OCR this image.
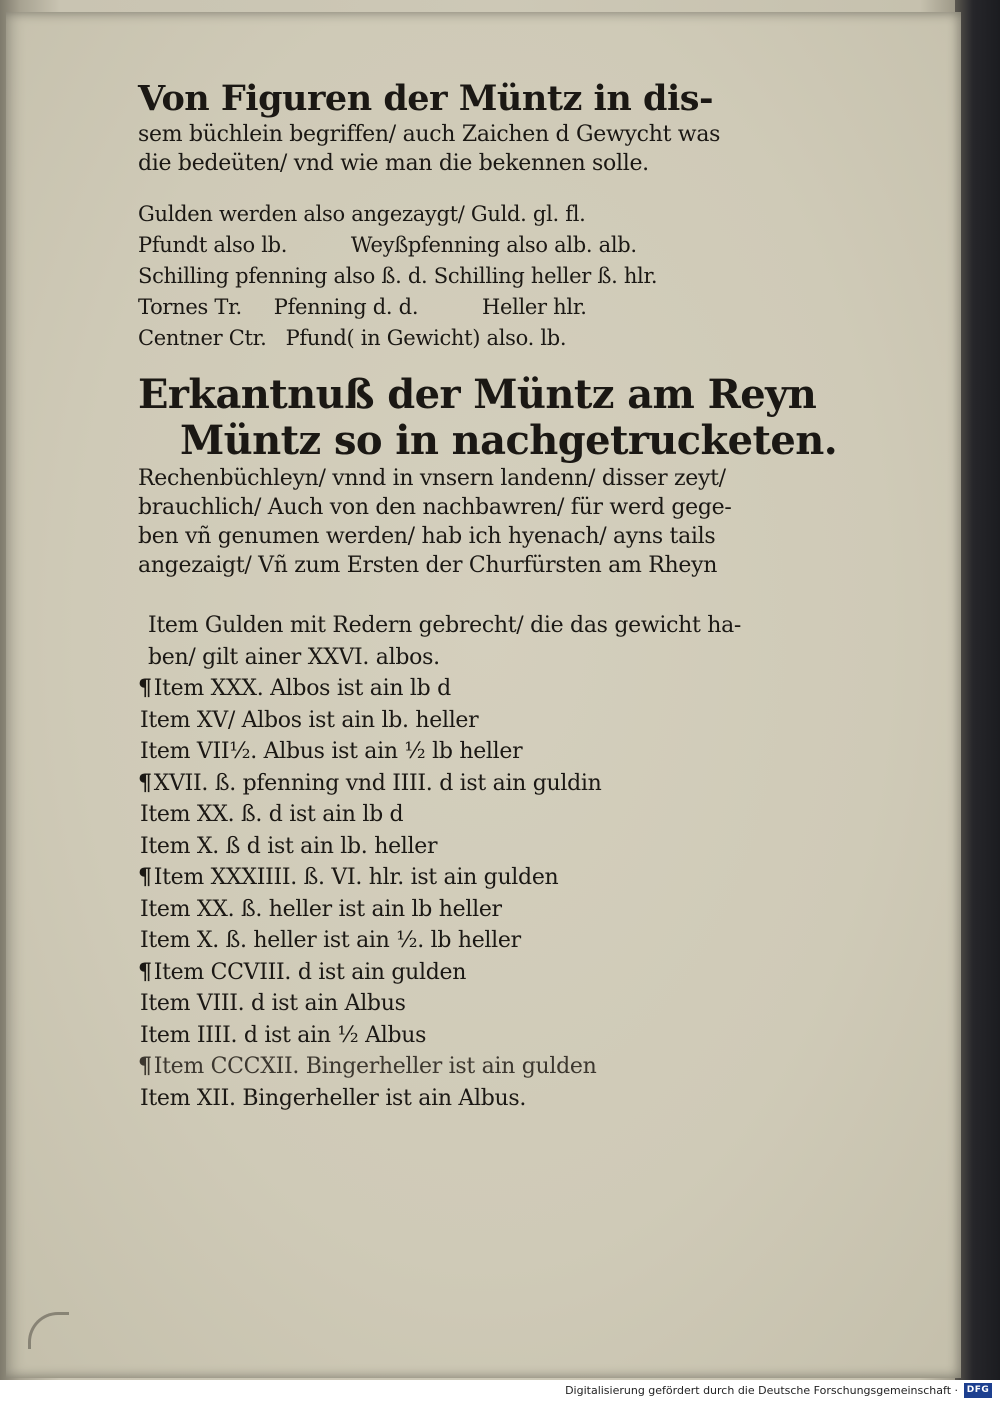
Von Figuren der Müntz in dis-
sem büchlein begriffen/ auch Zaichen d Gewycht was
die bedeüten/ vnd wie man die bekennen solle.
Gulden werden also angezaygt/ Guld. gl. fl.
Pfundt also lb.          Weyßpfenning also alb. alb.
Schilling pfenning also ß. d. Schilling heller ß. hlr.
Tornes Tr.     Pfenning d. d.          Heller hlr.
Centner Ctr.   Pfund( in Gewicht) also. lb.
Erkantnuß der Müntz am Reyn
Müntz so in nachgetrucketen.
Rechenbüchleyn/ vnnd in vnsern landenn/ disser zeyt/
brauchlich/ Auch von den nachbawren/ für werd gege-
ben vñ genumen werden/ hab ich hyenach/ ayns tails
angezaigt/ Vñ zum Ersten der Churfürsten am Rheyn
Item Gulden mit Redern gebrecht/ die das gewicht ha-
ben/ gilt ainer XXVI. albos.
¶Item XXX. Albos ist ain lb d
Item XV/ Albos ist ain lb. heller
Item VII½. Albus ist ain ½ lb heller
¶XVII. ß. pfenning vnd IIII. d ist ain guldin
Item XX. ß. d ist ain lb d
Item X. ß d ist ain lb. heller
¶Item XXXIIII. ß. VI. hlr. ist ain gulden
Item XX. ß. heller ist ain lb heller
Item X. ß. heller ist ain ½. lb heller
¶Item CCVIII. d ist ain gulden
Item VIII. d ist ain Albus
Item IIII. d ist ain ½ Albus
¶Item CCCXII. Bingerheller ist ain gulden
Item XII. Bingerheller ist ain Albus.
Digitalisierung gefördert durch die Deutsche Forschungsgemeinschaft · DFG
